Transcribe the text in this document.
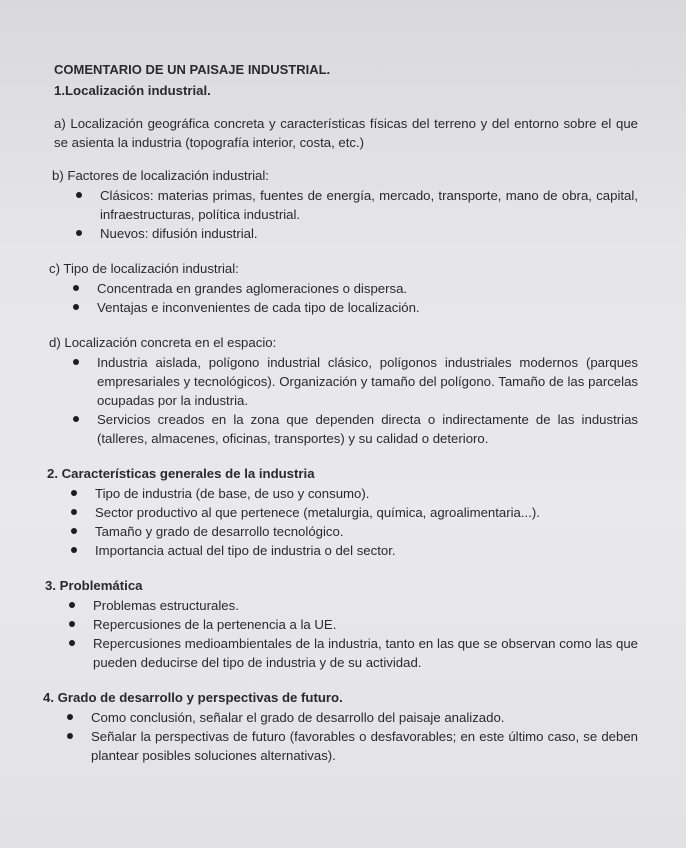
COMENTARIO DE UN PAISAJE INDUSTRIAL.
1.Localización industrial.
a) Localización geográfica concreta y características físicas del terreno y del entorno sobre el que se asienta la industria (topografía interior, costa, etc.)
b) Factores de localización industrial:
Clásicos: materias primas, fuentes de energía, mercado, transporte, mano de obra, capital, infraestructuras, política industrial.
Nuevos: difusión industrial.
c) Tipo de localización industrial:
Concentrada en grandes aglomeraciones o dispersa.
Ventajas e inconvenientes de cada tipo de localización.
d) Localización concreta en el espacio:
Industria aislada, polígono industrial clásico, polígonos industriales modernos (parques empresariales y tecnológicos). Organización y tamaño del polígono. Tamaño de las parcelas ocupadas por la industria.
Servicios creados en la zona que dependen directa o indirectamente de las industrias (talleres, almacenes, oficinas, transportes) y su calidad o deterioro.
2. Características generales de la industria
Tipo de industria (de base, de uso y consumo).
Sector productivo al que pertenece (metalurgia, química, agroalimentaria...).
Tamaño y grado de desarrollo tecnológico.
Importancia actual del tipo de industria o del sector.
3. Problemática
Problemas estructurales.
Repercusiones de la pertenencia a la UE.
Repercusiones medioambientales de la industria, tanto en las que se observan como las que pueden deducirse del tipo de industria y de su actividad.
4. Grado de desarrollo y perspectivas de futuro.
Como conclusión, señalar el grado de desarrollo del paisaje analizado.
Señalar la perspectivas de futuro (favorables o desfavorables; en este último caso, se deben plantear posibles soluciones alternativas).
